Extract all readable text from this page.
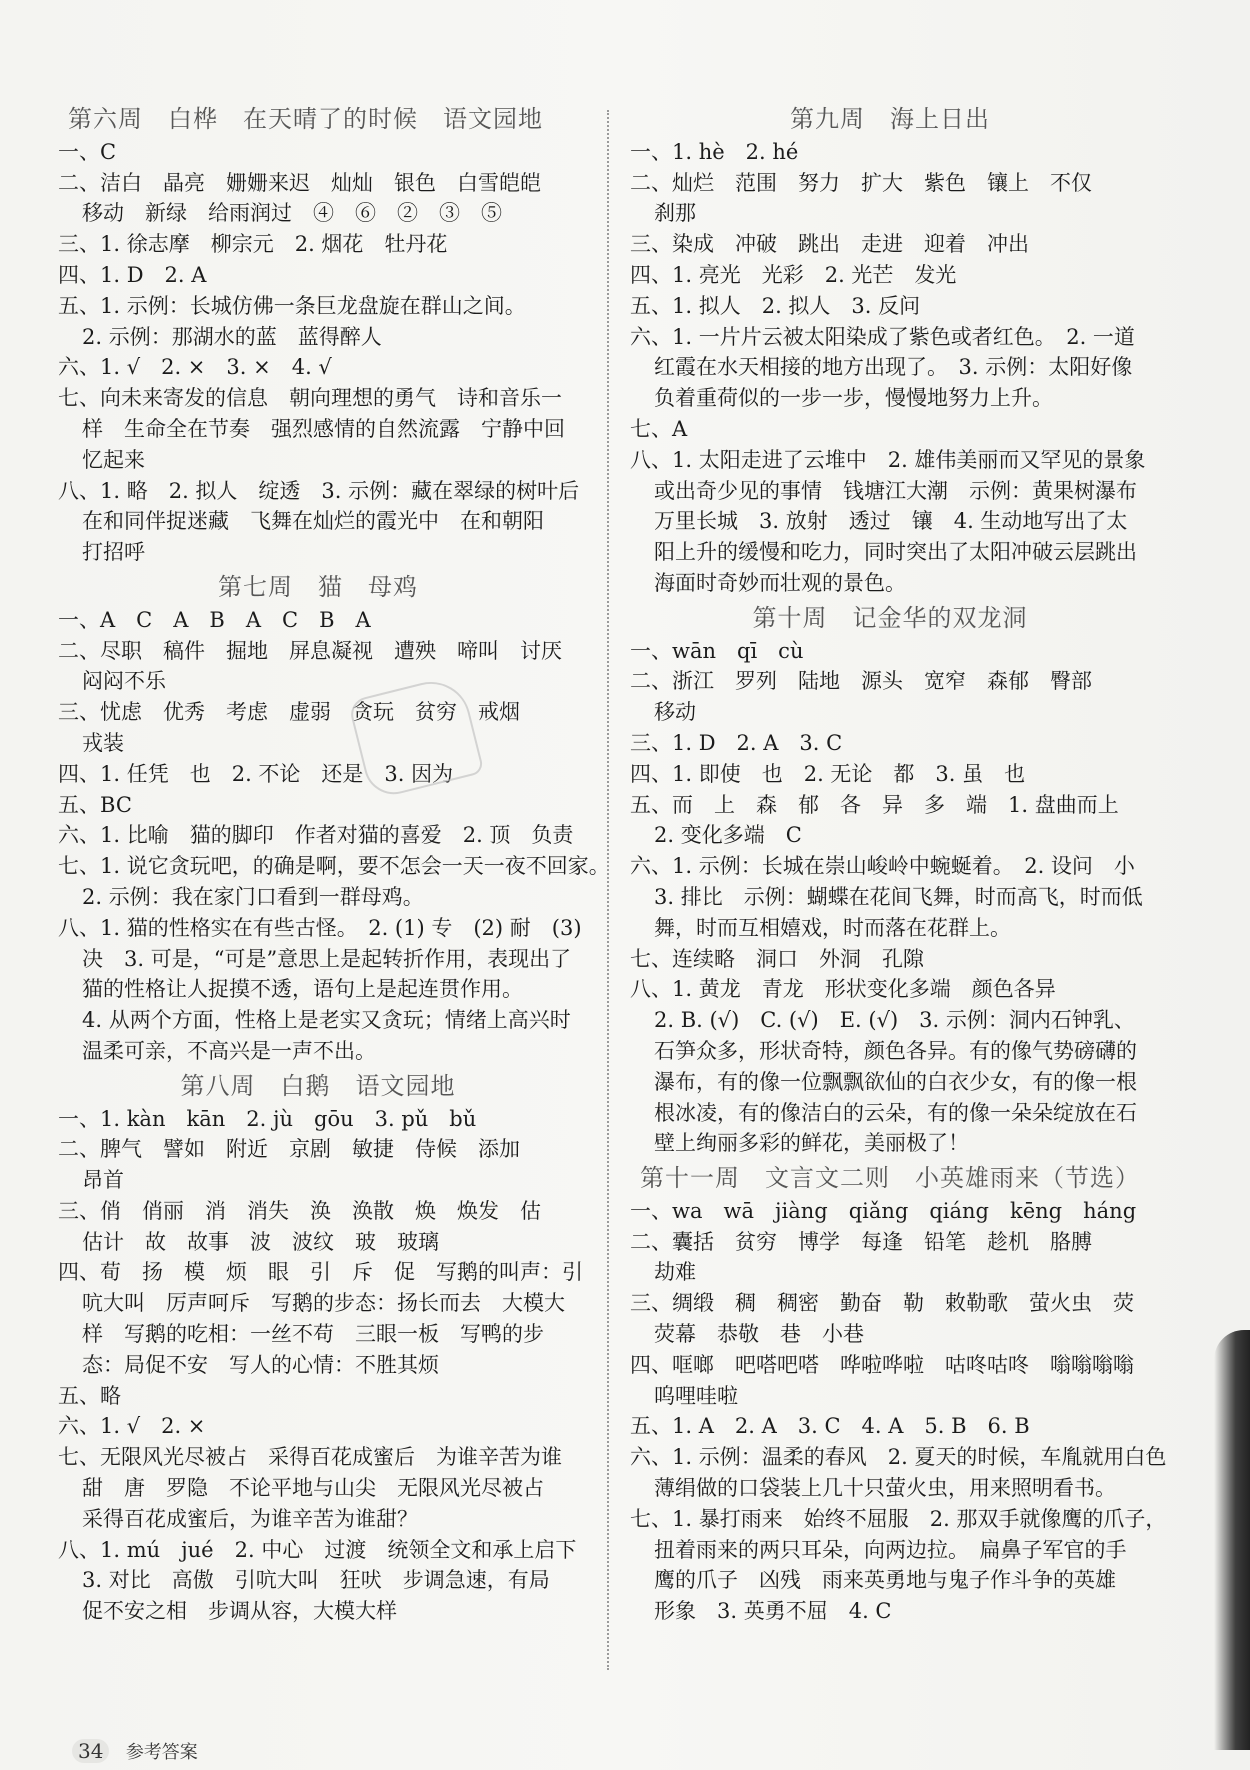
第六周　白桦　在天晴了的时候　语文园地
一、C
二、洁白　晶亮　姗姗来迟　灿灿　银色　白雪皑皑
移动　新绿　给雨润过　④　⑥　②　③　⑤
三、1. 徐志摩　柳宗元　2. 烟花　牡丹花
四、1. D　2. A
五、1. 示例：长城仿佛一条巨龙盘旋在群山之间。
2. 示例：那湖水的蓝　蓝得醉人
六、1. √　2. ×　3. ×　4. √
七、向未来寄发的信息　朝向理想的勇气　诗和音乐一
样　生命全在节奏　强烈感情的自然流露　宁静中回
忆起来
八、1. 略　2. 拟人　绽透　3. 示例：藏在翠绿的树叶后
在和同伴捉迷藏　飞舞在灿烂的霞光中　在和朝阳
打招呼
第七周　猫　母鸡
一、A　C　A　B　A　C　B　A
二、尽职　稿件　掘地　屏息凝视　遭殃　啼叫　讨厌
闷闷不乐
三、忧虑　优秀　考虑　虚弱　贪玩　贫穷　戒烟
戎装
四、1. 任凭　也　2. 不论　还是　3. 因为
五、BC
六、1. 比喻　猫的脚印　作者对猫的喜爱　2. 顶　负责
七、1. 说它贪玩吧，的确是啊，要不怎会一天一夜不回家。
2. 示例：我在家门口看到一群母鸡。
八、1. 猫的性格实在有些古怪。　2. (1) 专　(2) 耐　(3)
决　3. 可是，“可是”意思上是起转折作用，表现出了
猫的性格让人捉摸不透，语句上是起连贯作用。
4. 从两个方面，性格上是老实又贪玩；情绪上高兴时
温柔可亲，不高兴是一声不出。
第八周　白鹅　语文园地
一、1. kàn　kān　2. jù　gōu　3. pǔ　bǔ
二、脾气　譬如　附近　京剧　敏捷　侍候　添加
昂首
三、俏　俏丽　消　消失　涣　涣散　焕　焕发　估
估计　故　故事　波　波纹　玻　玻璃
四、荀　扬　模　烦　眼　引　斥　促　写鹅的叫声：引
吭大叫　厉声呵斥　写鹅的步态：扬长而去　大模大
样　写鹅的吃相：一丝不苟　三眼一板　写鸭的步
态：局促不安　写人的心情：不胜其烦
五、略
六、1. √　2. ×
七、无限风光尽被占　采得百花成蜜后　为谁辛苦为谁
甜　唐　罗隐　不论平地与山尖　无限风光尽被占
采得百花成蜜后，为谁辛苦为谁甜？
八、1. mú　jué　2. 中心　过渡　统领全文和承上启下
3. 对比　高傲　引吭大叫　狂吠　步调急速，有局
促不安之相　步调从容，大模大样
第九周　海上日出
一、1. hè　2. hé
二、灿烂　范围　努力　扩大　紫色　镶上　不仅
刹那
三、染成　冲破　跳出　走进　迎着　冲出
四、1. 亮光　光彩　2. 光芒　发光
五、1. 拟人　2. 拟人　3. 反问
六、1. 一片片云被太阳染成了紫色或者红色。　2. 一道
红霞在水天相接的地方出现了。　3. 示例：太阳好像
负着重荷似的一步一步，慢慢地努力上升。
七、A
八、1. 太阳走进了云堆中　2. 雄伟美丽而又罕见的景象
或出奇少见的事情　钱塘江大潮　示例：黄果树瀑布
万里长城　3. 放射　透过　镶　4. 生动地写出了太
阳上升的缓慢和吃力，同时突出了太阳冲破云层跳出
海面时奇妙而壮观的景色。
第十周　记金华的双龙洞
一、wān　qī　cù
二、浙江　罗列　陆地　源头　宽窄　森郁　臀部
移动
三、1. D　2. A　3. C
四、1. 即使　也　2. 无论　都　3. 虽　也
五、而　上　森　郁　各　异　多　端　1. 盘曲而上
2. 变化多端　C
六、1. 示例：长城在崇山峻岭中蜿蜒着。　2. 设问　小
3. 排比　示例：蝴蝶在花间飞舞，时而高飞，时而低
舞，时而互相嬉戏，时而落在花群上。
七、连续略　洞口　外洞　孔隙
八、1. 黄龙　青龙　形状变化多端　颜色各异
2. B. (√)　C. (√)　E. (√)　3. 示例：洞内石钟乳、
石笋众多，形状奇特，颜色各异。有的像气势磅礴的
瀑布，有的像一位飘飘欲仙的白衣少女，有的像一根
根冰凌，有的像洁白的云朵，有的像一朵朵绽放在石
壁上绚丽多彩的鲜花，美丽极了！
第十一周　文言文二则　小英雄雨来（节选）
一、wa　wā　jiàng　qiǎng　qiáng　kēng　háng
二、囊括　贫穷　博学　每逢　铅笔　趁机　胳膊
劫难
三、绸缎　稠　稠密　勤奋　勒　敕勒歌　萤火虫　荧
荧幕　恭敬　巷　小巷
四、哐啷　吧嗒吧嗒　哗啦哗啦　咕咚咕咚　嗡嗡嗡嗡
呜哩哇啦
五、1. A　2. A　3. C　4. A　5. B　6. B
六、1. 示例：温柔的春风　2. 夏天的时候，车胤就用白色
薄绢做的口袋装上几十只萤火虫，用来照明看书。
七、1. 暴打雨来　始终不屈服　2. 那双手就像鹰的爪子，
扭着雨来的两只耳朵，向两边拉。　扁鼻子军官的手
鹰的爪子　凶残　雨来英勇地与鬼子作斗争的英雄
形象　3. 英勇不屈　4. C
34 参考答案
